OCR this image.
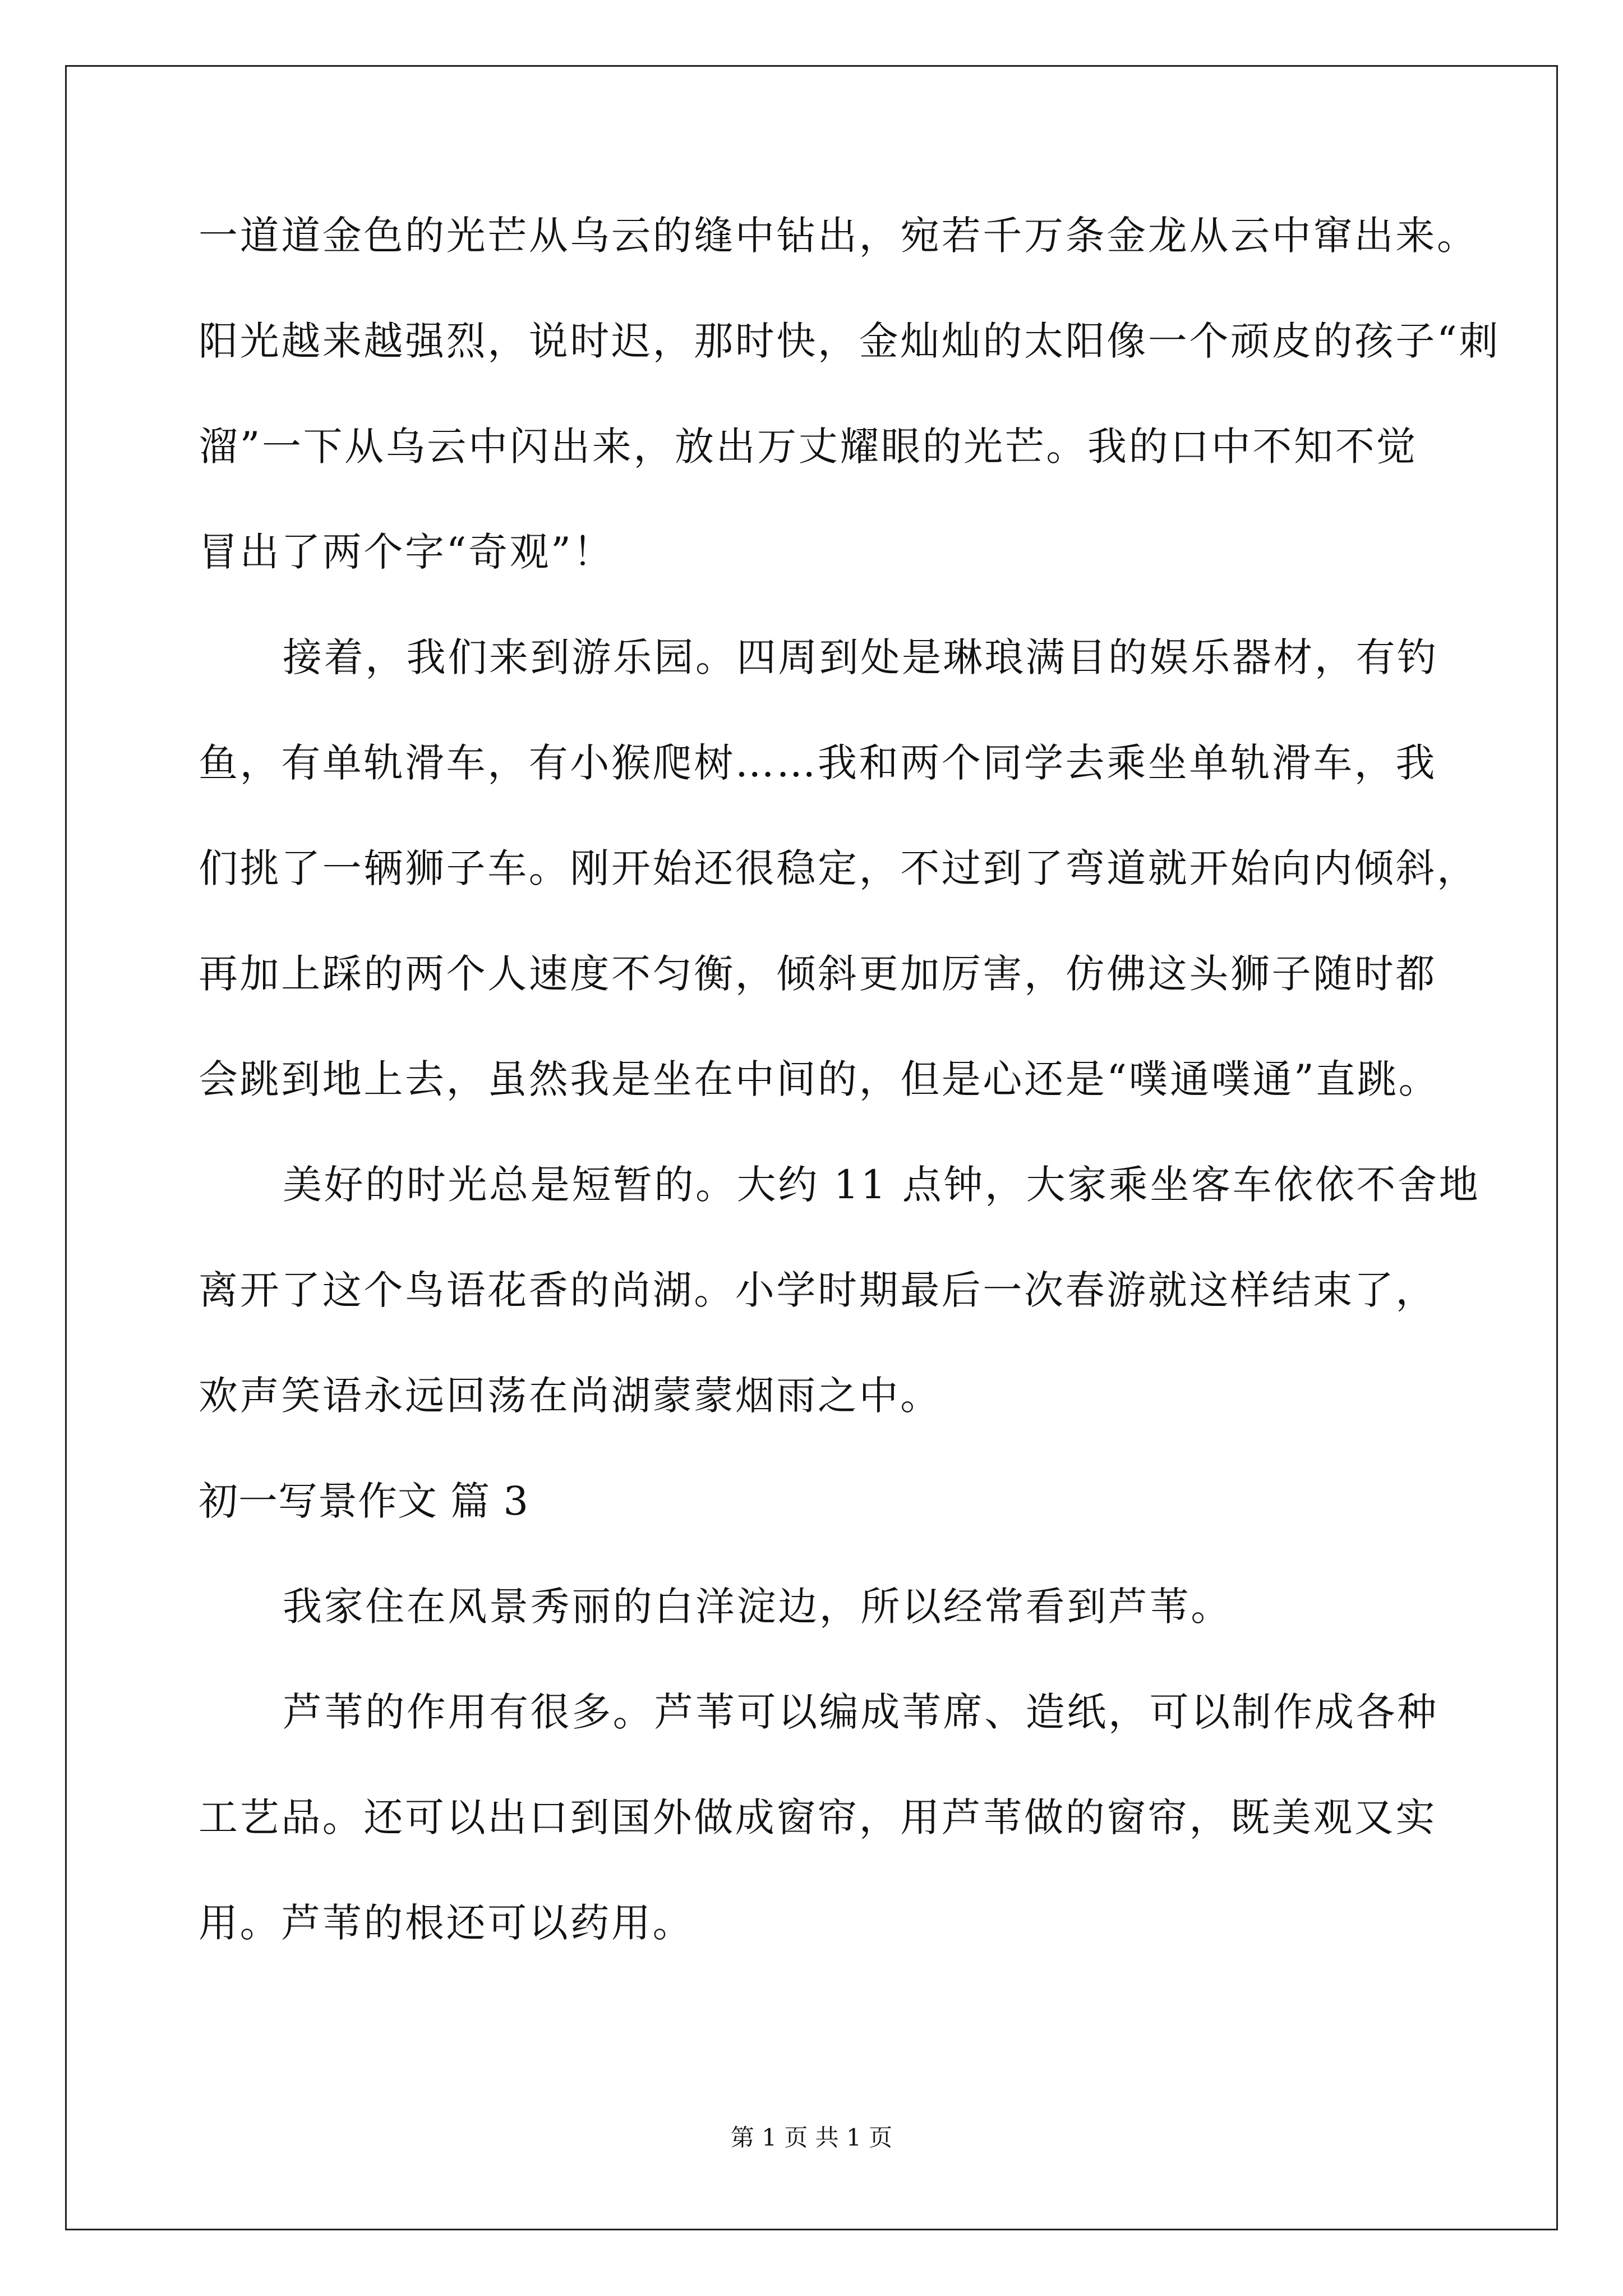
一道道金色的光芒从乌云的缝中钻出，宛若千万条金龙从云中窜出来。
阳光越来越强烈，说时迟，那时快，金灿灿的太阳像一个顽皮的孩子“刺
溜”一下从乌云中闪出来，放出万丈耀眼的光芒。我的口中不知不觉
冒出了两个字“奇观”！
接着，我们来到游乐园。四周到处是琳琅满目的娱乐器材，有钓
鱼，有单轨滑车，有小猴爬树……我和两个同学去乘坐单轨滑车，我
们挑了一辆狮子车。刚开始还很稳定，不过到了弯道就开始向内倾斜，
再加上踩的两个人速度不匀衡，倾斜更加厉害，仿佛这头狮子随时都
会跳到地上去，虽然我是坐在中间的，但是心还是“噗通噗通”直跳。
美好的时光总是短暂的。大约 11 点钟，大家乘坐客车依依不舍地
离开了这个鸟语花香的尚湖。小学时期最后一次春游就这样结束了，
欢声笑语永远回荡在尚湖蒙蒙烟雨之中。
初一写景作文 篇 3
我家住在风景秀丽的白洋淀边，所以经常看到芦苇。
芦苇的作用有很多。芦苇可以编成苇席、造纸，可以制作成各种
工艺品。还可以出口到国外做成窗帘，用芦苇做的窗帘，既美观又实
用。芦苇的根还可以药用。
第 1 页 共 1 页
